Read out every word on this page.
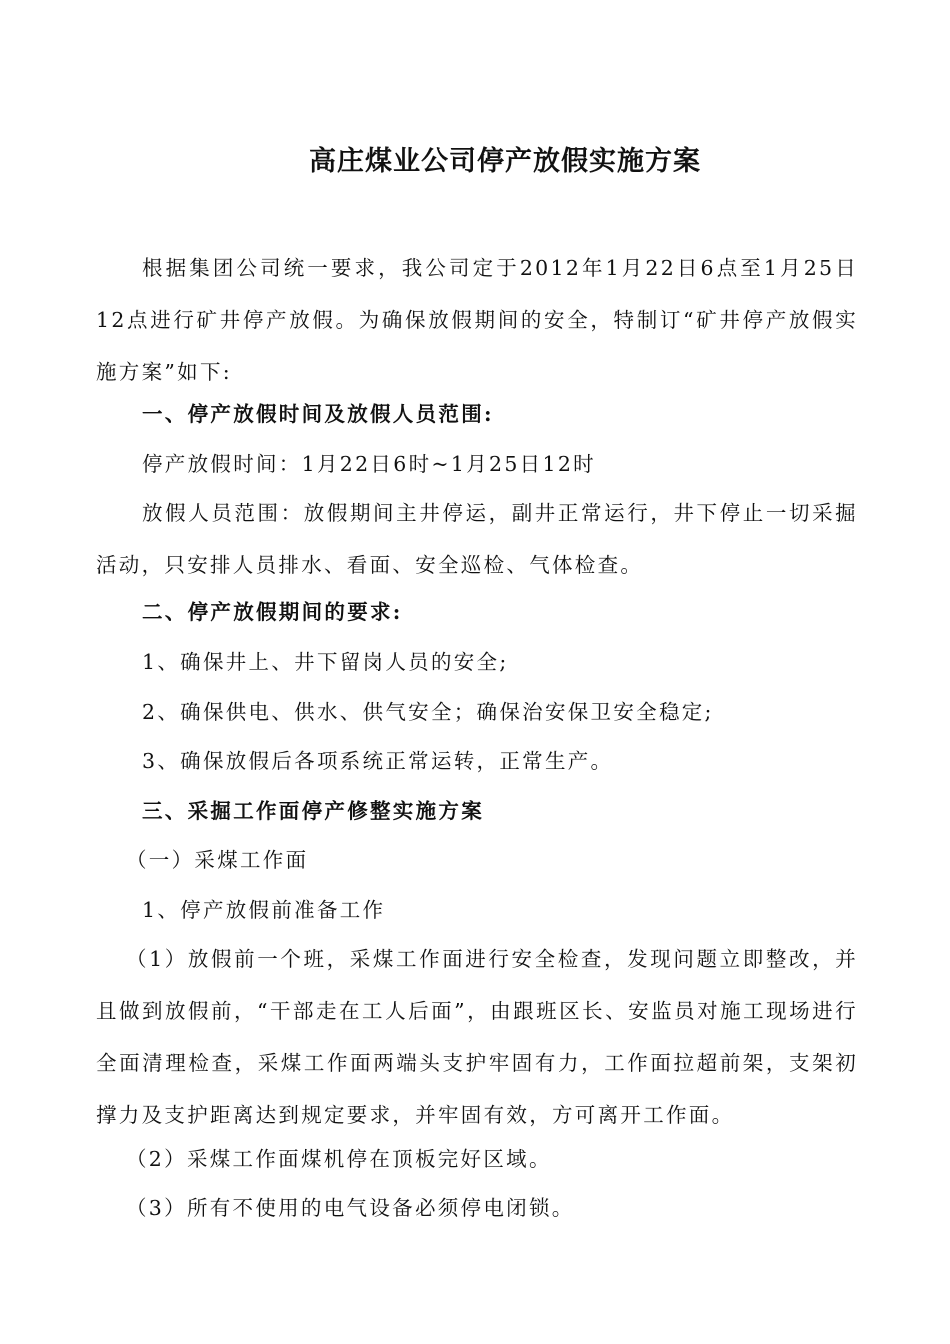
高庄煤业公司停产放假实施方案

根据集团公司统一要求，我公司定于2012年1月22日6点至1月25日12点进行矿井停产放假。为确保放假期间的安全，特制订“矿井停产放假实施方案”如下:

一、停产放假时间及放假人员范围:

停产放假时间：1月22日6时~1月25日12时

放假人员范围：放假期间主井停运，副井正常运行，井下停止一切采掘活动，只安排人员排水、看面、安全巡检、气体检查。

二、停产放假期间的要求:

1、确保井上、井下留岗人员的安全;

2、确保供电、供水、供气安全；确保治安保卫安全稳定;

3、确保放假后各项系统正常运转，正常生产。

三、采掘工作面停产修整实施方案

（一）采煤工作面

1、停产放假前准备工作

（1）放假前一个班，采煤工作面进行安全检查，发现问题立即整改，并且做到放假前，“干部走在工人后面”，由跟班区长、安监员对施工现场进行全面清理检查，采煤工作面两端头支护牢固有力，工作面拉超前架，支架初撑力及支护距离达到规定要求，并牢固有效，方可离开工作面。

（2）采煤工作面煤机停在顶板完好区域。

（3）所有不使用的电气设备必须停电闭锁。
